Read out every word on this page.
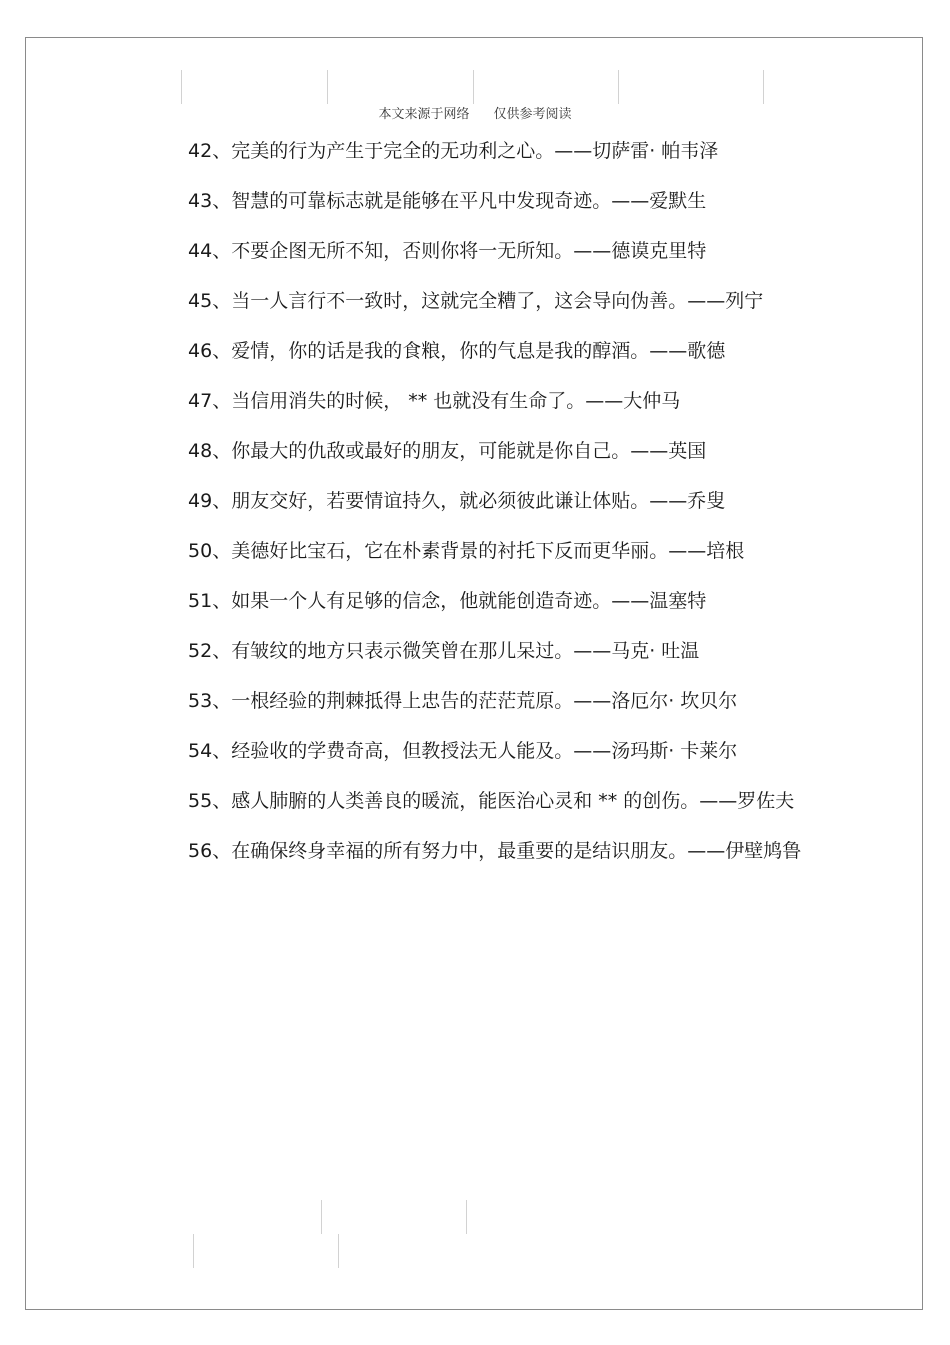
本文来源于网络 仅供参考阅读
42、完美的行为产生于完全的无功利之心。——切萨雷· 帕韦泽
43、智慧的可靠标志就是能够在平凡中发现奇迹。——爱默生
44、不要企图无所不知，否则你将一无所知。——德谟克里特
45、当一人言行不一致时，这就完全糟了，这会导向伪善。——列宁
46、爱情，你的话是我的食粮，你的气息是我的醇酒。——歌德
47、当信用消失的时候， ** 也就没有生命了。——大仲马
48、你最大的仇敌或最好的朋友，可能就是你自己。——英国
49、朋友交好，若要情谊持久，就必须彼此谦让体贴。——乔叟
50、美德好比宝石，它在朴素背景的衬托下反而更华丽。——培根
51、如果一个人有足够的信念，他就能创造奇迹。——温塞特
52、有皱纹的地方只表示微笑曾在那儿呆过。——马克· 吐温
53、一根经验的荆棘抵得上忠告的茫茫荒原。——洛厄尔· 坎贝尔
54、经验收的学费奇高，但教授法无人能及。——汤玛斯· 卡莱尔
55、感人肺腑的人类善良的暖流，能医治心灵和 ** 的创伤。——罗佐夫
56、在确保终身幸福的所有努力中，最重要的是结识朋友。——伊壁鸠鲁
